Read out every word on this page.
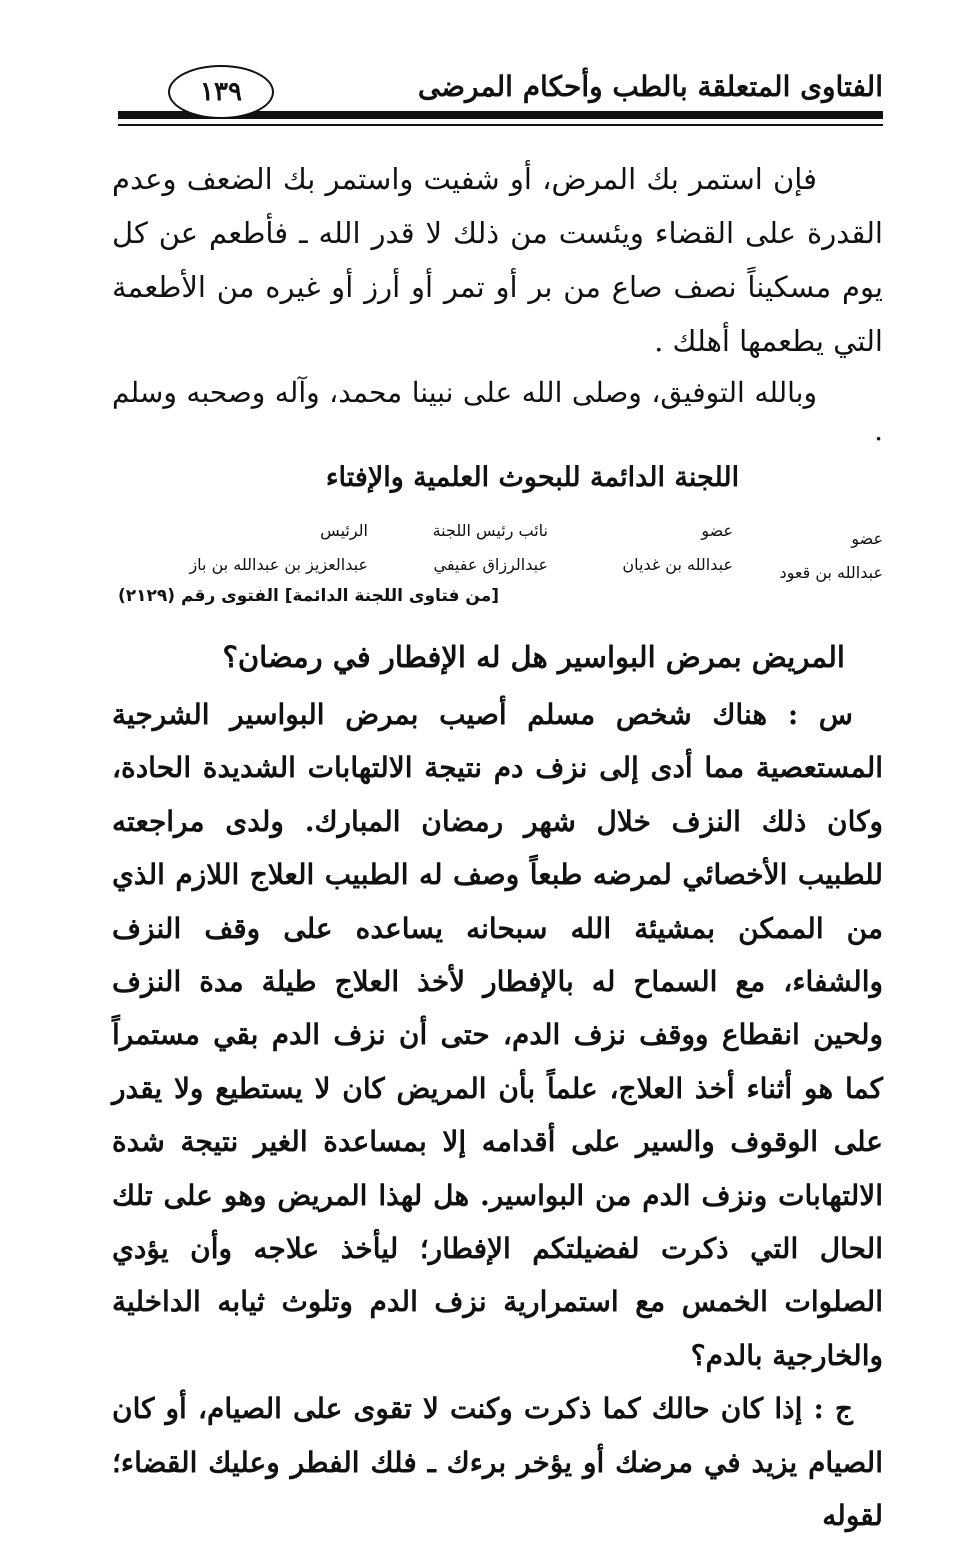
الفتاوى المتعلقة بالطب وأحكام المرضى
١٣٩

فإن استمر بك المرض، أو شفيت واستمر بك الضعف وعدم القدرة على القضاء ويئست من ذلك لا قدر الله ـ فأطعم عن كل يوم مسكيناً نصف صاع من بر أو تمر أو أرز أو غيره من الأطعمة التي يطعمها أهلك .

وبالله التوفيق، وصلى الله على نبينا محمد، وآله وصحبه وسلم .

اللجنة الدائمة للبحوث العلمية والإفتاء
عضو
عبدالله بن قعود
عضو
عبدالله بن غديان
نائب رئيس اللجنة
عبدالرزاق عفيفي
الرئيس
عبدالعزيز بن عبدالله بن باز
[من فتاوى اللجنة الدائمة] الفتوى رقم (٢١٢٩)
المريض بمرض البواسير هل له الإفطار في رمضان؟

س : هناك شخص مسلم أصيب بمرض البواسير الشرجية المستعصية مما أدى إلى نزف دم نتيجة الالتهابات الشديدة الحادة، وكان ذلك النزف خلال شهر رمضان المبارك. ولدى مراجعته للطبيب الأخصائي لمرضه طبعاً وصف له الطبيب العلاج اللازم الذي من الممكن بمشيئة الله سبحانه يساعده على وقف النزف والشفاء، مع السماح له بالإفطار لأخذ العلاج طيلة مدة النزف ولحين انقطاع ووقف نزف الدم، حتى أن نزف الدم بقي مستمراً كما هو أثناء أخذ العلاج، علماً بأن المريض كان لا يستطيع ولا يقدر على الوقوف والسير على أقدامه إلا بمساعدة الغير نتيجة شدة الالتهابات ونزف الدم من البواسير. هل لهذا المريض وهو على تلك الحال التي ذكرت لفضيلتكم الإفطار؛ ليأخذ علاجه وأن يؤدي الصلوات الخمس مع استمرارية نزف الدم وتلوث ثيابه الداخلية والخارجية بالدم؟

ج : إذا كان حالك كما ذكرت وكنت لا تقوى على الصيام، أو كان الصيام يزيد في مرضك أو يؤخر برءك ـ فلك الفطر وعليك القضاء؛ لقوله
